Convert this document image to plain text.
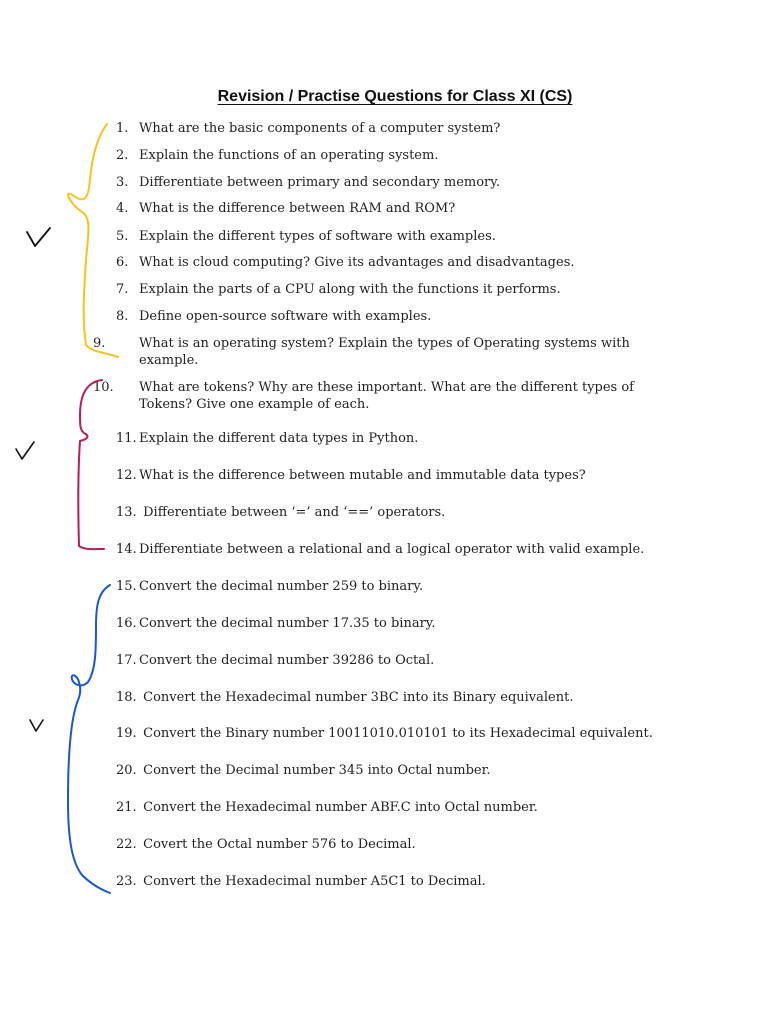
Revision / Practise Questions for Class XI (CS)
1. What are the basic components of a computer system?
2. Explain the functions of an operating system.
3. Differentiate between primary and secondary memory.
4. What is the difference between RAM and ROM?
5. Explain the different types of software with examples.
6. What is cloud computing? Give its advantages and disadvantages.
7. Explain the parts of a CPU along with the functions it performs.
8. Define open-source software with examples.
9.	What is an operating system? Explain the types of Operating systems with example.
10. What are tokens? Why are these important. What are the different types of Tokens? Give one example of each.
11. Explain the different data types in Python.
12. What is the difference between mutable and immutable data types?
13. Differentiate between ‘=’ and ‘==’ operators.
14. Differentiate between a relational and a logical operator with valid example.
15. Convert the decimal number 259 to binary.
16. Convert the decimal number 17.35 to binary.
17. Convert the decimal number 39286 to Octal.
18. Convert the Hexadecimal number 3BC into its Binary equivalent.
19. Convert the Binary number 10011010.010101 to its Hexadecimal equivalent.
20. Convert the Decimal number 345 into Octal number.
21. Convert the Hexadecimal number ABF.C into Octal number.
22. Covert the Octal number 576 to Decimal.
23. Convert the Hexadecimal number A5C1 to Decimal.
